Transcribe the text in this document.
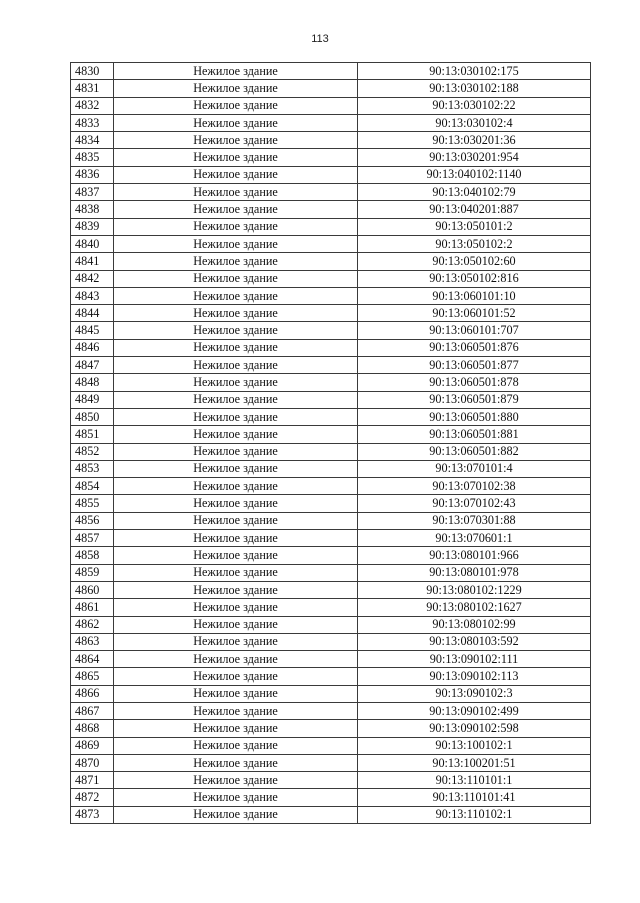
113
4830	Нежилое здание	90:13:030102:175
4831	Нежилое здание	90:13:030102:188
4832	Нежилое здание	90:13:030102:22
4833	Нежилое здание	90:13:030102:4
4834	Нежилое здание	90:13:030201:36
4835	Нежилое здание	90:13:030201:954
4836	Нежилое здание	90:13:040102:1140
4837	Нежилое здание	90:13:040102:79
4838	Нежилое здание	90:13:040201:887
4839	Нежилое здание	90:13:050101:2
4840	Нежилое здание	90:13:050102:2
4841	Нежилое здание	90:13:050102:60
4842	Нежилое здание	90:13:050102:816
4843	Нежилое здание	90:13:060101:10
4844	Нежилое здание	90:13:060101:52
4845	Нежилое здание	90:13:060101:707
4846	Нежилое здание	90:13:060501:876
4847	Нежилое здание	90:13:060501:877
4848	Нежилое здание	90:13:060501:878
4849	Нежилое здание	90:13:060501:879
4850	Нежилое здание	90:13:060501:880
4851	Нежилое здание	90:13:060501:881
4852	Нежилое здание	90:13:060501:882
4853	Нежилое здание	90:13:070101:4
4854	Нежилое здание	90:13:070102:38
4855	Нежилое здание	90:13:070102:43
4856	Нежилое здание	90:13:070301:88
4857	Нежилое здание	90:13:070601:1
4858	Нежилое здание	90:13:080101:966
4859	Нежилое здание	90:13:080101:978
4860	Нежилое здание	90:13:080102:1229
4861	Нежилое здание	90:13:080102:1627
4862	Нежилое здание	90:13:080102:99
4863	Нежилое здание	90:13:080103:592
4864	Нежилое здание	90:13:090102:111
4865	Нежилое здание	90:13:090102:113
4866	Нежилое здание	90:13:090102:3
4867	Нежилое здание	90:13:090102:499
4868	Нежилое здание	90:13:090102:598
4869	Нежилое здание	90:13:100102:1
4870	Нежилое здание	90:13:100201:51
4871	Нежилое здание	90:13:110101:1
4872	Нежилое здание	90:13:110101:41
4873	Нежилое здание	90:13:110102:1
